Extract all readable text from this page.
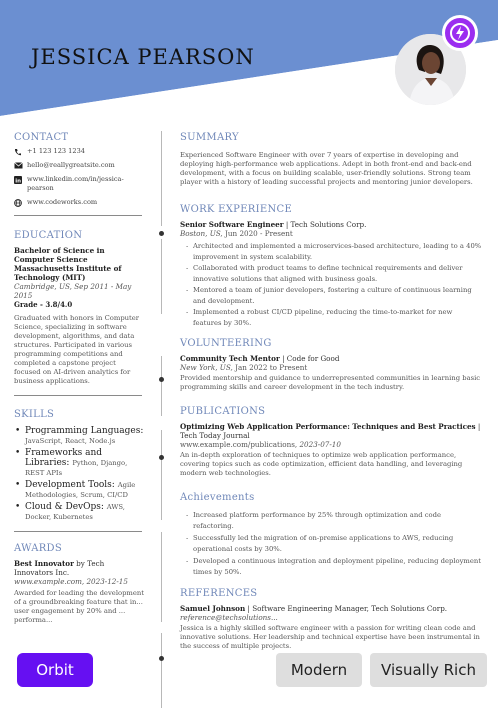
JESSICA PEARSON
CONTACT
+1 123 123 1234
hello@reallygreatsite.com
in www.linkedin.com/in/jessica-pearson
www.codeworks.com
EDUCATION
Bachelor of Science in Computer Science
Massachusetts Institute of Technology (MIT)
Cambridge, US, Sep 2011 - May 2015
Grade - 3.8/4.0
Graduated with honors in Computer Science, specializing in software development, algorithms, and data structures. Participated in various programming competitions and completed a capstone project focused on AI-driven analytics for business applications.
SKILLS
• Programming Languages: JavaScript, React, Node.js
• Frameworks and Libraries: Python, Django, REST APIs
• Development Tools: Agile Methodologies, Scrum, CI/CD
• Cloud & DevOps: AWS, Docker, Kubernetes
AWARDS
Best Innovator by Tech Innovators Inc.
www.example.com, 2023-12-15
Awarded for leading the development of a groundbreaking feature that in... user engagement by 20% and ... performa...
SUMMARY
Experienced Software Engineer with over 7 years of expertise in developing and deploying high-performance web applications. Adept in both front-end and back-end development, with a focus on building scalable, user-friendly solutions. Strong team player with a history of leading successful projects and mentoring junior developers.
WORK EXPERIENCE
Senior Software Engineer | Tech Solutions Corp.
Boston, US, Jun 2020 - Present
- Architected and implemented a microservices-based architecture, leading to a 40% improvement in system scalability.
- Collaborated with product teams to define technical requirements and deliver innovative solutions that aligned with business goals.
- Mentored a team of junior developers, fostering a culture of continuous learning and development.
- Implemented a robust CI/CD pipeline, reducing the time-to-market for new features by 30%.
VOLUNTEERING
Community Tech Mentor | Code for Good
New York, US, Jan 2022 to Present
Provided mentorship and guidance to underrepresented communities in learning basic programming skills and career development in the tech industry.
PUBLICATIONS
Optimizing Web Application Performance: Techniques and Best Practices | Tech Today Journal
www.example.com/publications, 2023-07-10
An in-depth exploration of techniques to optimize web application performance, covering topics such as code optimization, efficient data handling, and leveraging modern web technologies.
Achievements
- Increased platform performance by 25% through optimization and code refactoring.
- Successfully led the migration of on-premise applications to AWS, reducing operational costs by 30%.
- Developed a continuous integration and deployment pipeline, reducing deployment times by 50%.
REFERENCES
Samuel Johnson | Software Engineering Manager, Tech Solutions Corp.
reference@techsolutions...
Jessica is a highly skilled software engineer with a passion for writing clean code and innovative solutions. Her leadership and technical expertise have been instrumental in the success of multiple projects.
Orbit	Modern	Visually Rich
